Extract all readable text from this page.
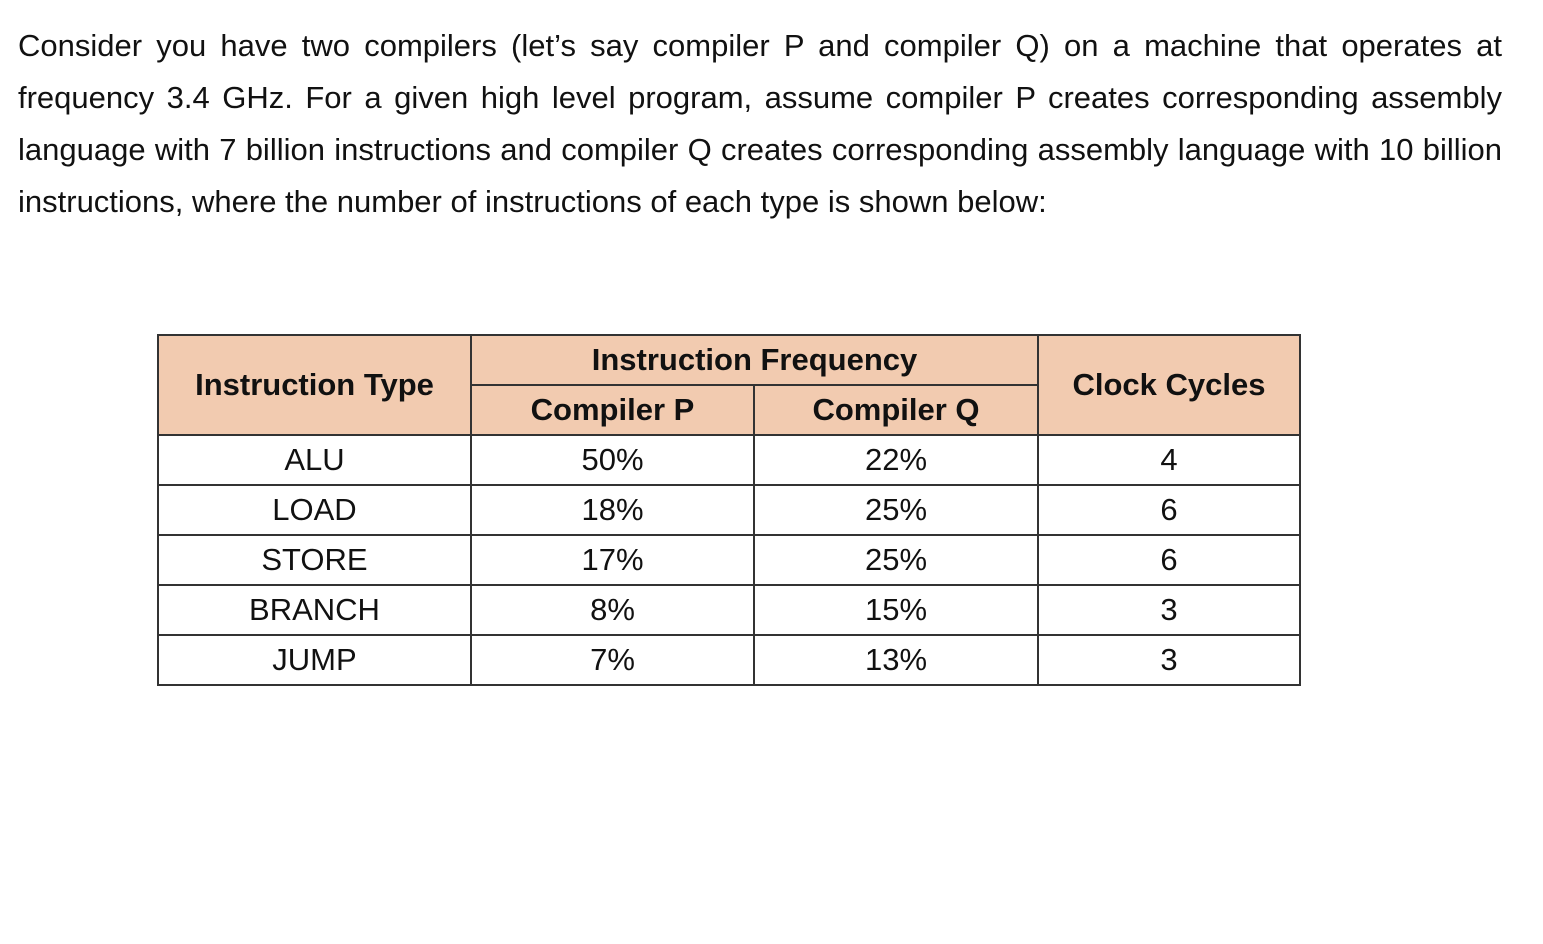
Consider you have two compilers (let’s say compiler P and compiler Q) on a machine that operates at frequency 3.4 GHz. For a given high level program, assume compiler P creates corresponding assembly language with 7 billion instructions and compiler Q creates corresponding assembly language with 10 billion instructions, where the number of instructions of each type is shown below:

Instruction Type	Instruction Frequency		Clock Cycles
	Compiler P	Compiler Q	
ALU	50%	22%	4
LOAD	18%	25%	6
STORE	17%	25%	6
BRANCH	8%	15%	3
JUMP	7%	13%	3
